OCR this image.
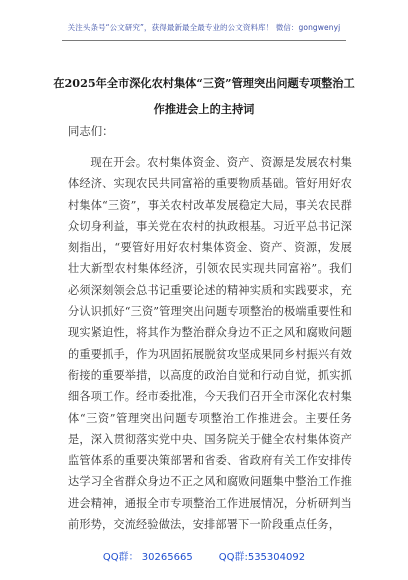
关注头条号“公文研究”，获得最新最全最专业的公文资料库！ 微信：gongwenyj
在2025年全市深化农村集体“三资”管理突出问题专项整治工作推进会上的主持词
同志们：
现在开会。农村集体资金、资产、资源是发展农村集体经济、实现农民共同富裕的重要物质基础。管好用好农村集体“三资”，事关农村改革发展稳定大局，事关农民群众切身利益，事关党在农村的执政根基。习近平总书记深刻指出，“要管好用好农村集体资金、资产、资源，发展壮大新型农村集体经济，引领农民实现共同富裕”。我们必须深刻领会总书记重要论述的精神实质和实践要求，充分认识抓好“三资”管理突出问题专项整治的极端重要性和现实紧迫性，将其作为整治群众身边不正之风和腐败问题的重要抓手，作为巩固拓展脱贫攻坚成果同乡村振兴有效衔接的重要举措，以高度的政治自觉和行动自觉，抓实抓细各项工作。经市委批准，今天我们召开全市深化农村集体“三资”管理突出问题专项整治工作推进会。主要任务是，深入贯彻落实党中央、国务院关于健全农村集体资产监管体系的重要决策部署和省委、省政府有关工作安排传达学习全省群众身边不正之风和腐败问题集中整治工作推进会精神，通报全市专项整治工作进展情况，分析研判当前形势，交流经验做法，安排部署下一阶段重点任务，
QQ群： 30265665	QQ群:535304092
